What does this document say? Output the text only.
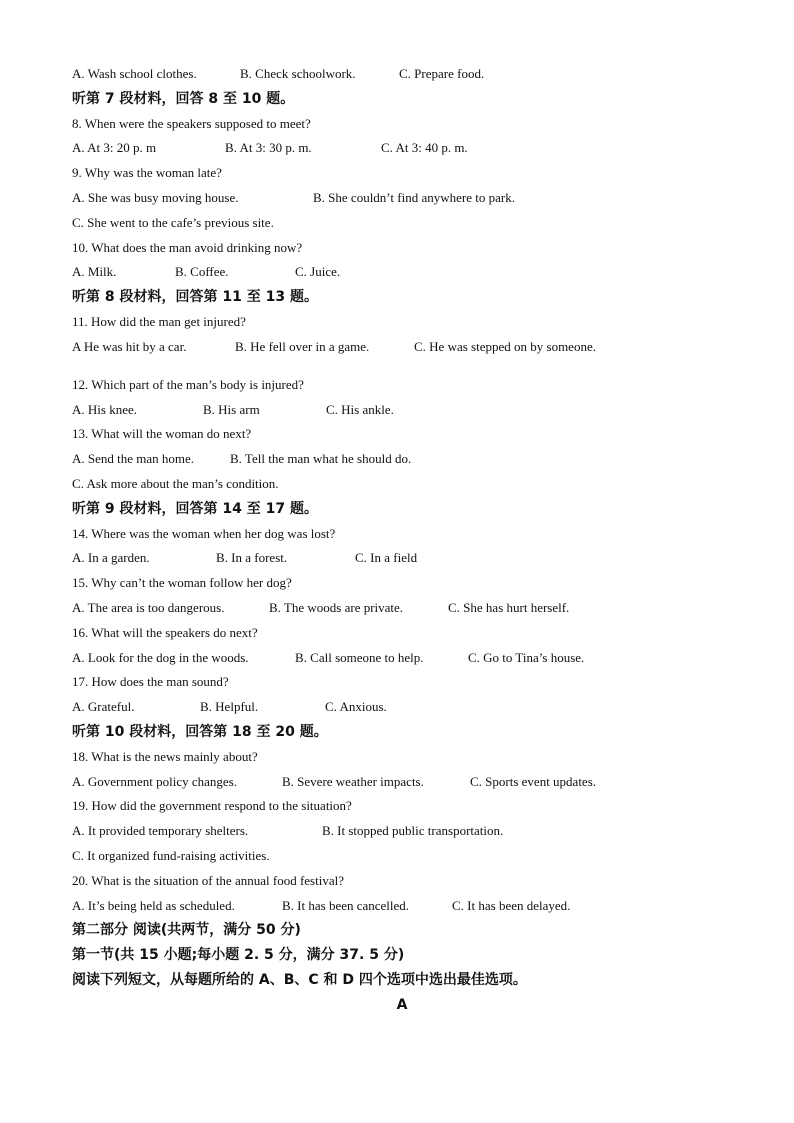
A. Wash school clothes.	B. Check schoolwork.	C. Prepare food.
听第 7 段材料，回答 8 至 10 题。
8. When were the speakers supposed to meet?
A. At 3: 20 p. m	B. At 3: 30 p. m.	C. At 3: 40 p. m.
9. Why was the woman late?
A. She was busy moving house.	B. She couldn’t find anywhere to park.
C. She went to the cafe’s previous site.
10. What does the man avoid drinking now?
A. Milk.	B. Coffee.	C. Juice.
听第 8 段材料，回答第 11 至 13 题。
11. How did the man get injured?
A He was hit by a car.	B. He fell over in a game.	C. He was stepped on by someone.
12. Which part of the man’s body is injured?
A. His knee.	B. His arm	C. His ankle.
13. What will the woman do next?
A. Send the man home.	B. Tell the man what he should do.
C. Ask more about the man’s condition.
听第 9 段材料，回答第 14 至 17 题。
14. Where was the woman when her dog was lost?
A. In a garden.	B. In a forest.	C. In a field
15. Why can’t the woman follow her dog?
A. The area is too dangerous.	B. The woods are private.	C. She has hurt herself.
16. What will the speakers do next?
A. Look for the dog in the woods.	B. Call someone to help.	C. Go to Tina’s house.
17. How does the man sound?
A. Grateful.	B. Helpful.	C. Anxious.
听第 10 段材料，回答第 18 至 20 题。
18. What is the news mainly about?
A. Government policy changes.	B. Severe weather impacts.	C. Sports event updates.
19. How did the government respond to the situation?
A. It provided temporary shelters.	B. It stopped public transportation.
C. It organized fund-raising activities.
20. What is the situation of the annual food festival?
A. It’s being held as scheduled.	B. It has been cancelled.	C. It has been delayed.
第二部分 阅读(共两节，满分 50 分)
第一节(共 15 小题;每小题 2. 5 分，满分 37. 5 分)
阅读下列短文，从每题所给的 A、B、C 和 D 四个选项中选出最佳选项。
A
